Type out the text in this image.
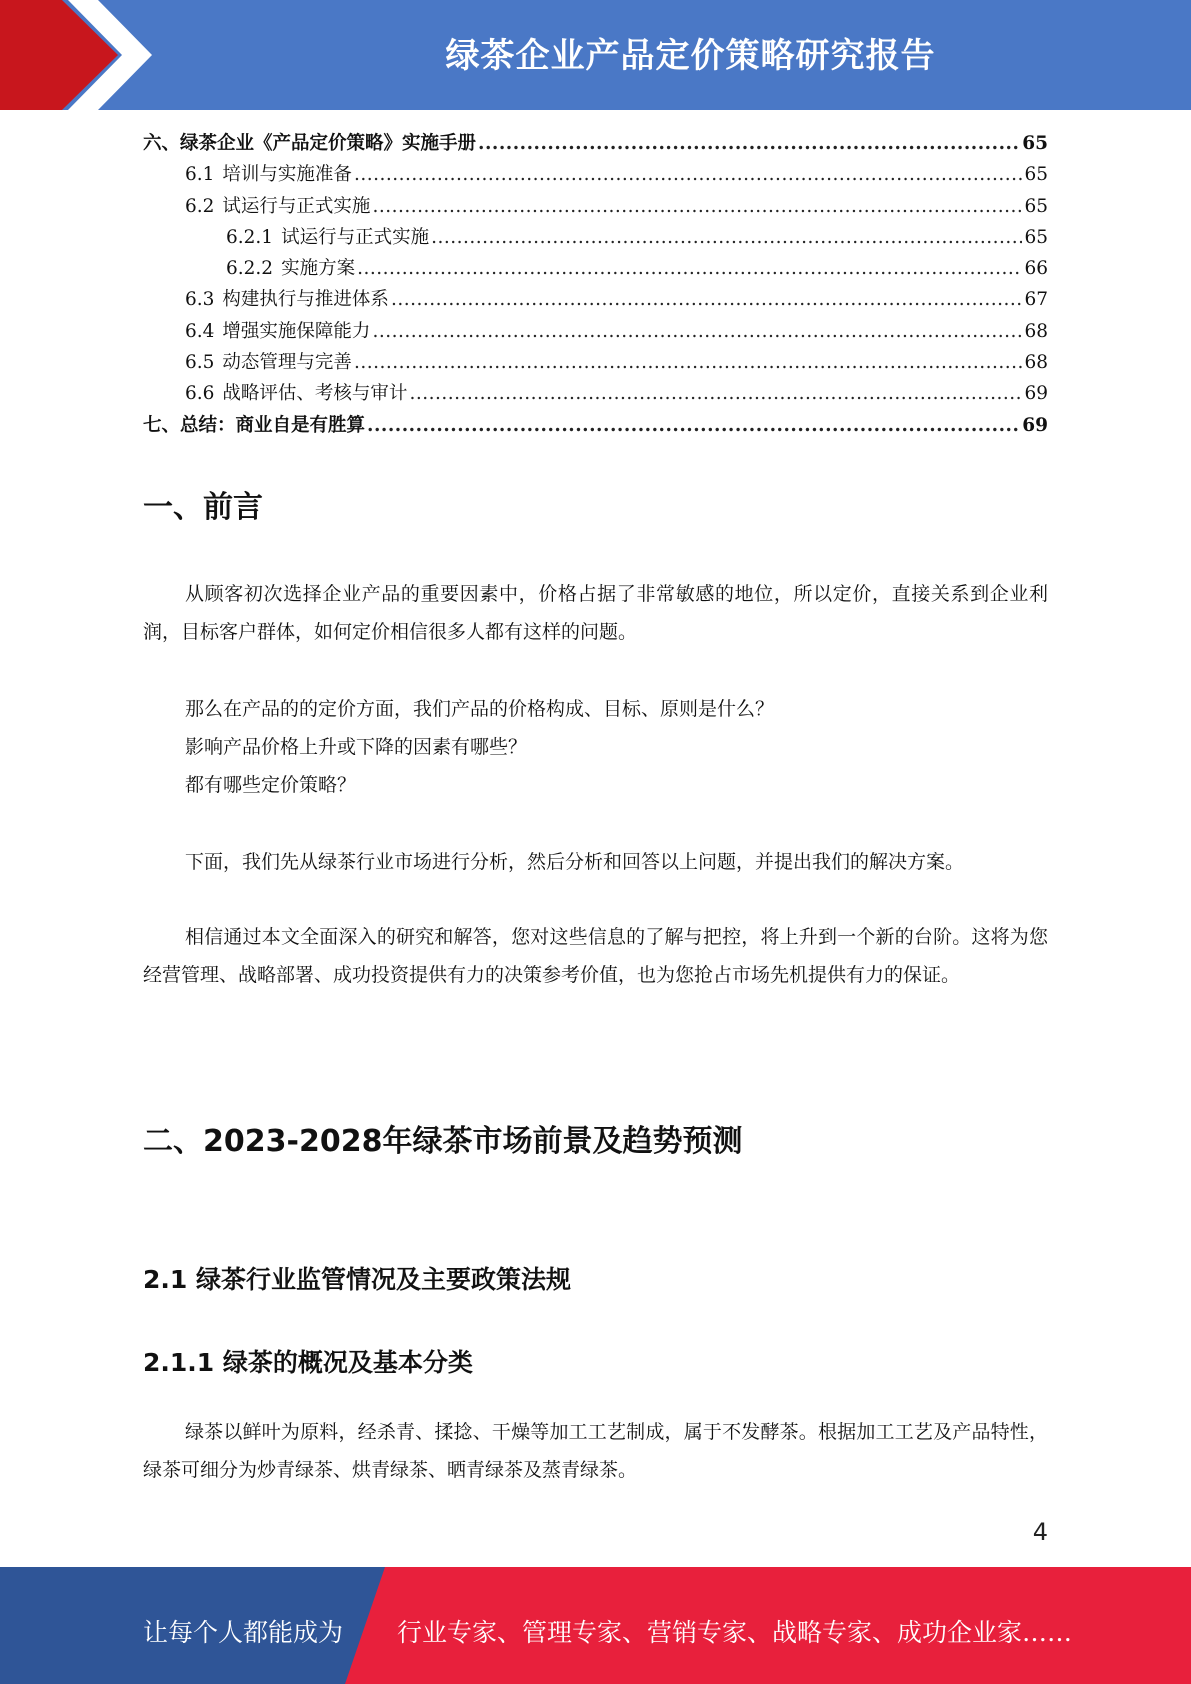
绿茶企业产品定价策略研究报告
六、绿茶企业《产品定价策略》实施手册 .....	65
6.1 培训与实施准备 .....	65
6.2 试运行与正式实施 .....	65
6.2.1 试运行与正式实施 .....	65
6.2.2 实施方案 .....	66
6.3 构建执行与推进体系 .....	67
6.4 增强实施保障能力 .....	68
6.5 动态管理与完善 .....	68
6.6 战略评估、考核与审计 .....	69
七、总结：商业自是有胜算 .....	69
一、前言

从顾客初次选择企业产品的重要因素中，价格占据了非常敏感的地位，所以定价，直接关系到企业利润，目标客户群体，如何定价相信很多人都有这样的问题。

那么在产品的的定价方面，我们产品的价格构成、目标、原则是什么？

影响产品价格上升或下降的因素有哪些？

都有哪些定价策略？

下面，我们先从绿茶行业市场进行分析，然后分析和回答以上问题，并提出我们的解决方案。

相信通过本文全面深入的研究和解答，您对这些信息的了解与把控，将上升到一个新的台阶。这将为您经营管理、战略部署、成功投资提供有力的决策参考价值，也为您抢占市场先机提供有力的保证。

二、2023-2028年绿茶市场前景及趋势预测
2.1 绿茶行业监管情况及主要政策法规
2.1.1 绿茶的概况及基本分类

绿茶以鲜叶为原料，经杀青、揉捻、干燥等加工工艺制成，属于不发酵茶。根据加工工艺及产品特性，绿茶可细分为炒青绿茶、烘青绿茶、晒青绿茶及蒸青绿茶。

4
让每个人都能成为 行业专家、管理专家、营销专家、战略专家、成功企业家……
